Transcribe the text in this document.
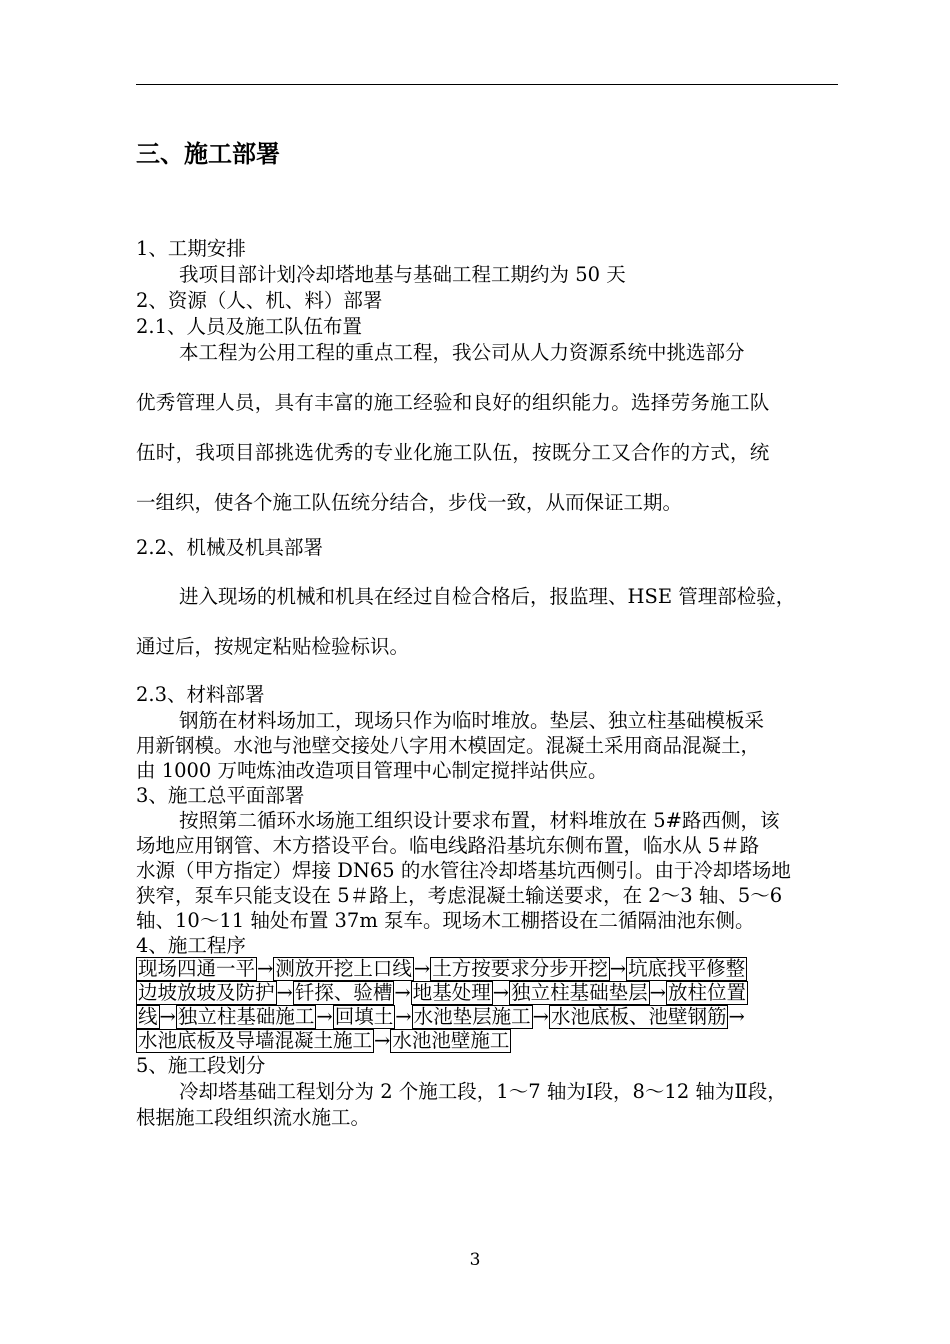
三、施工部署
1、工期安排
我项目部计划冷却塔地基与基础工程工期约为 50 天
2、资源（人、机、料）部署
2.1、人员及施工队伍布置
本工程为公用工程的重点工程，我公司从人力资源系统中挑选部分
优秀管理人员，具有丰富的施工经验和良好的组织能力。选择劳务施工队
伍时，我项目部挑选优秀的专业化施工队伍，按既分工又合作的方式，统
一组织，使各个施工队伍统分结合，步伐一致，从而保证工期。
2.2、机械及机具部署
进入现场的机械和机具在经过自检合格后，报监理、HSE 管理部检验，
通过后，按规定粘贴检验标识。
2.3、材料部署
钢筋在材料场加工，现场只作为临时堆放。垫层、独立柱基础模板采
用新钢模。水池与池壁交接处八字用木模固定。混凝土采用商品混凝土，
由 1000 万吨炼油改造项目管理中心制定搅拌站供应。
3、施工总平面部署
按照第二循环水场施工组织设计要求布置，材料堆放在 5#路西侧，该
场地应用钢管、木方搭设平台。临电线路沿基坑东侧布置，临水从 5＃路
水源（甲方指定）焊接 DN65 的水管往冷却塔基坑西侧引。由于冷却塔场地
狭窄，泵车只能支设在 5＃路上，考虑混凝土输送要求，在 2～3 轴、5～6
轴、10～11 轴处布置 37m 泵车。现场木工棚搭设在二循隔油池东侧。
4、施工程序
现场四通一平 → 测放开挖上口线 → 土方按要求分步开挖 → 坑底找平修整
边坡放坡及防护 → 钎探、验槽 → 地基处理 → 独立柱基础垫层 → 放柱位置
线 → 独立柱基础施工 → 回填土 → 水池垫层施工 → 水池底板、池壁钢筋 →
水池底板及导墙混凝土施工 → 水池池壁施工
5、施工段划分
冷却塔基础工程划分为 2 个施工段，1～7 轴为Ⅰ段，8～12 轴为Ⅱ段，
根据施工段组织流水施工。
3
